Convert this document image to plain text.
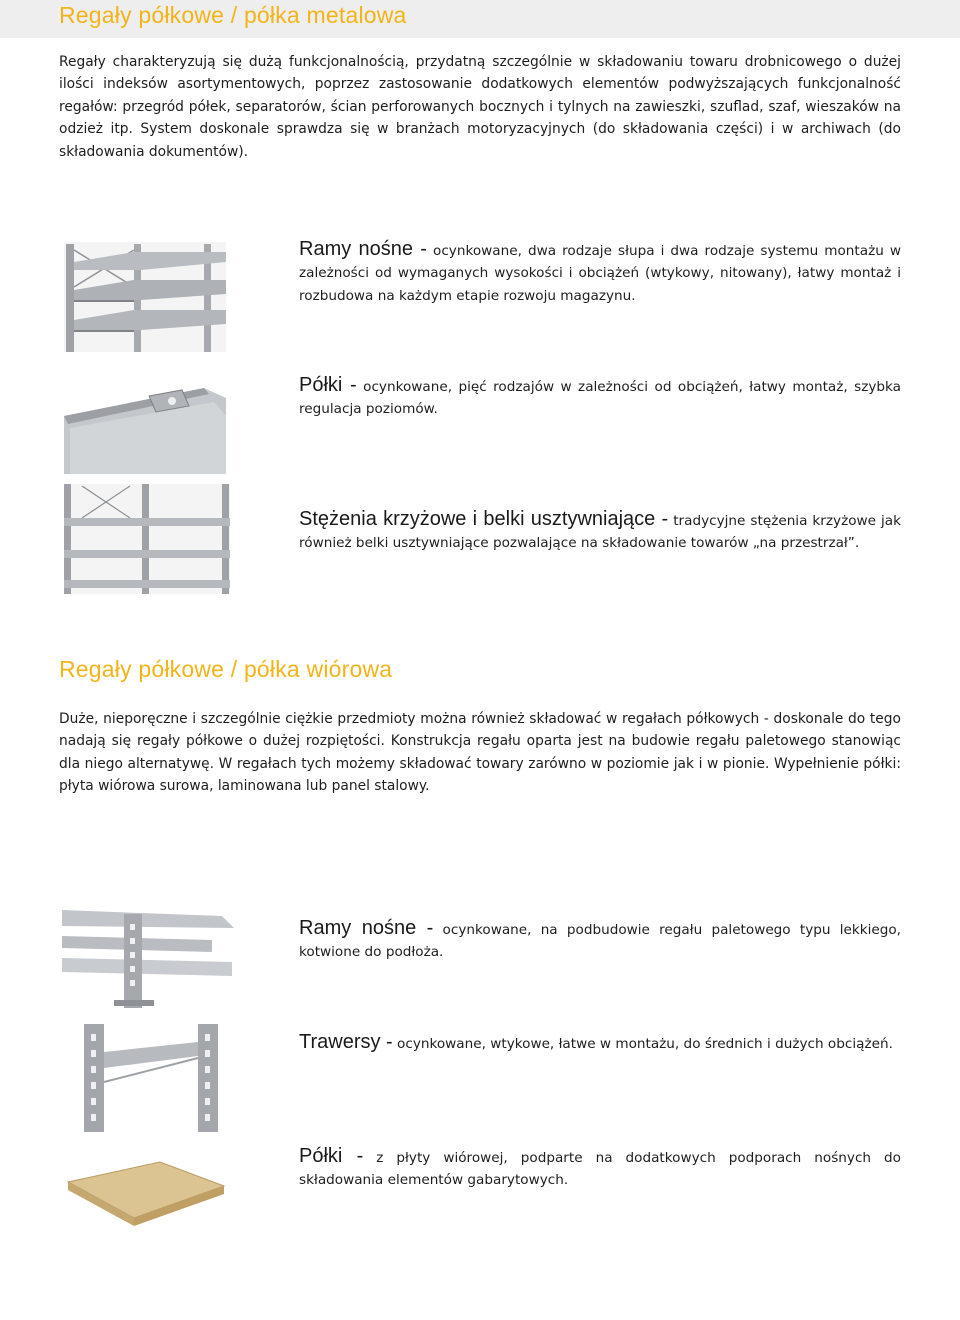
Regały półkowe / półka metalowa

Regały charakteryzują się dużą funkcjonalnością, przydatną szczególnie w składowaniu towaru drobnicowego o dużej ilości indeksów asortymentowych, poprzez zastosowanie dodatkowych elementów podwyższających funkcjonalność regałów: przegród półek, separatorów, ścian perforowanych bocznych i tylnych na zawieszki, szuflad, szaf, wieszaków na odzież itp. System doskonale sprawdza się w branżach motoryzacyjnych (do składowania części) i w archiwach (do składowania dokumentów).

Ramy nośne - ocynkowane, dwa rodzaje słupa i dwa rodzaje systemu montażu w zależności od wymaganych wysokości i obciążeń (wtykowy, nitowany), łatwy montaż i rozbudowa na każdym etapie rozwoju magazynu.

Półki - ocynkowane, pięć rodzajów w zależności od obciążeń, łatwy montaż, szybka regulacja poziomów.

Stężenia krzyżowe i belki usztywniające - tradycyjne stężenia krzyżowe jak również belki usztywniające pozwalające na składowanie towarów „na przestrzał”.

Regały półkowe / półka wiórowa

Duże, nieporęczne i szczególnie ciężkie przedmioty można również składować w regałach półkowych - doskonale do tego nadają się regały półkowe o dużej rozpiętości. Konstrukcja regału oparta jest na budowie regału paletowego stanowiąc dla niego alternatywę. W regałach tych możemy składować towary zarówno w poziomie jak i w pionie. Wypełnienie półki: płyta wiórowa surowa, laminowana lub panel stalowy.

Ramy nośne - ocynkowane, na podbudowie regału paletowego typu lekkiego, kotwione do podłoża.

Trawersy - ocynkowane, wtykowe, łatwe w montażu, do średnich i dużych obciążeń.

Półki - z płyty wiórowej, podparte na dodatkowych podporach nośnych do składowania elementów gabarytowych.
